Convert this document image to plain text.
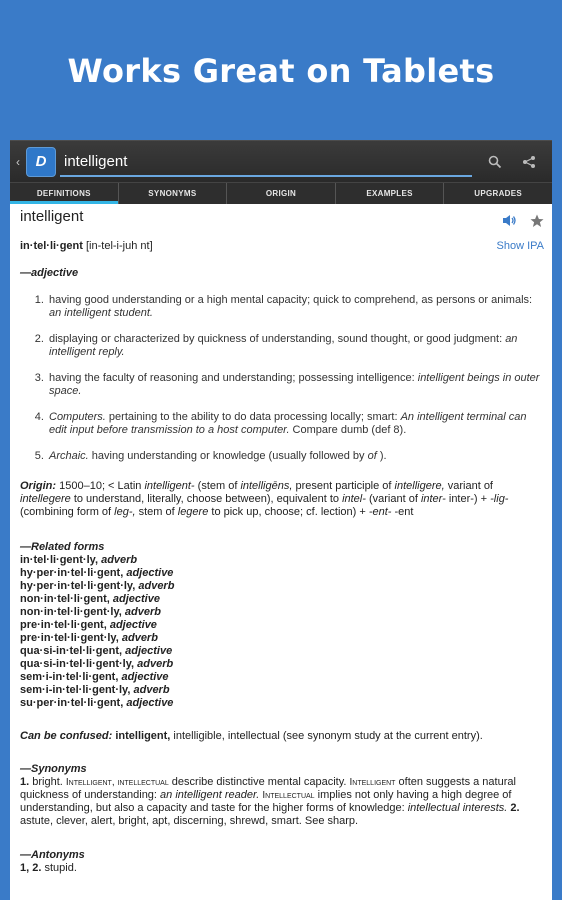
Works Great on Tablets
‹	D intelligent
DEFINITIONS	SYNONYMS	ORIGIN	EXAMPLES	UPGRADES
intelligent
in·tel·li·gent [in-tel-i-juh nt]	Show IPA
—adjective
1. having good understanding or a high mental capacity; quick to comprehend, as persons or animals: an intelligent student.
2. displaying or characterized by quickness of understanding, sound thought, or good judgment: an intelligent reply.
3. having the faculty of reasoning and understanding; possessing intelligence: intelligent beings in outer space.
4. Computers. pertaining to the ability to do data processing locally; smart: An intelligent terminal can edit input before transmission to a host computer. Compare dumb (def 8).
5. Archaic. having understanding or knowledge (usually followed by of ).
Origin: 1500–10; < Latin intelligent- (stem of intelligēns, present participle of intelligere, variant of intellegere to understand, literally, choose between), equivalent to intel- (variant of inter- inter-) + -lig- (combining form of leg-, stem of legere to pick up, choose; cf. lection) + -ent- -ent
—Related forms
in·tel·li·gent·ly, adverb
hy·per·in·tel·li·gent, adjective
hy·per·in·tel·li·gent·ly, adverb
non·in·tel·li·gent, adjective
non·in·tel·li·gent·ly, adverb
pre·in·tel·li·gent, adjective
pre·in·tel·li·gent·ly, adverb
qua·si-in·tel·li·gent, adjective
qua·si-in·tel·li·gent·ly, adverb
sem·i-in·tel·li·gent, adjective
sem·i-in·tel·li·gent·ly, adverb
su·per·in·tel·li·gent, adjective
Can be confused: intelligent, intelligible, intellectual (see synonym study at the current entry).
—Synonyms
1. bright. Intelligent, intellectual describe distinctive mental capacity. Intelligent often suggests a natural quickness of understanding: an intelligent reader. Intellectual implies not only having a high degree of understanding, but also a capacity and taste for the higher forms of knowledge: intellectual interests. 2. astute, clever, alert, bright, apt, discerning, shrewd, smart. See sharp.
—Antonyms
1, 2. stupid.
